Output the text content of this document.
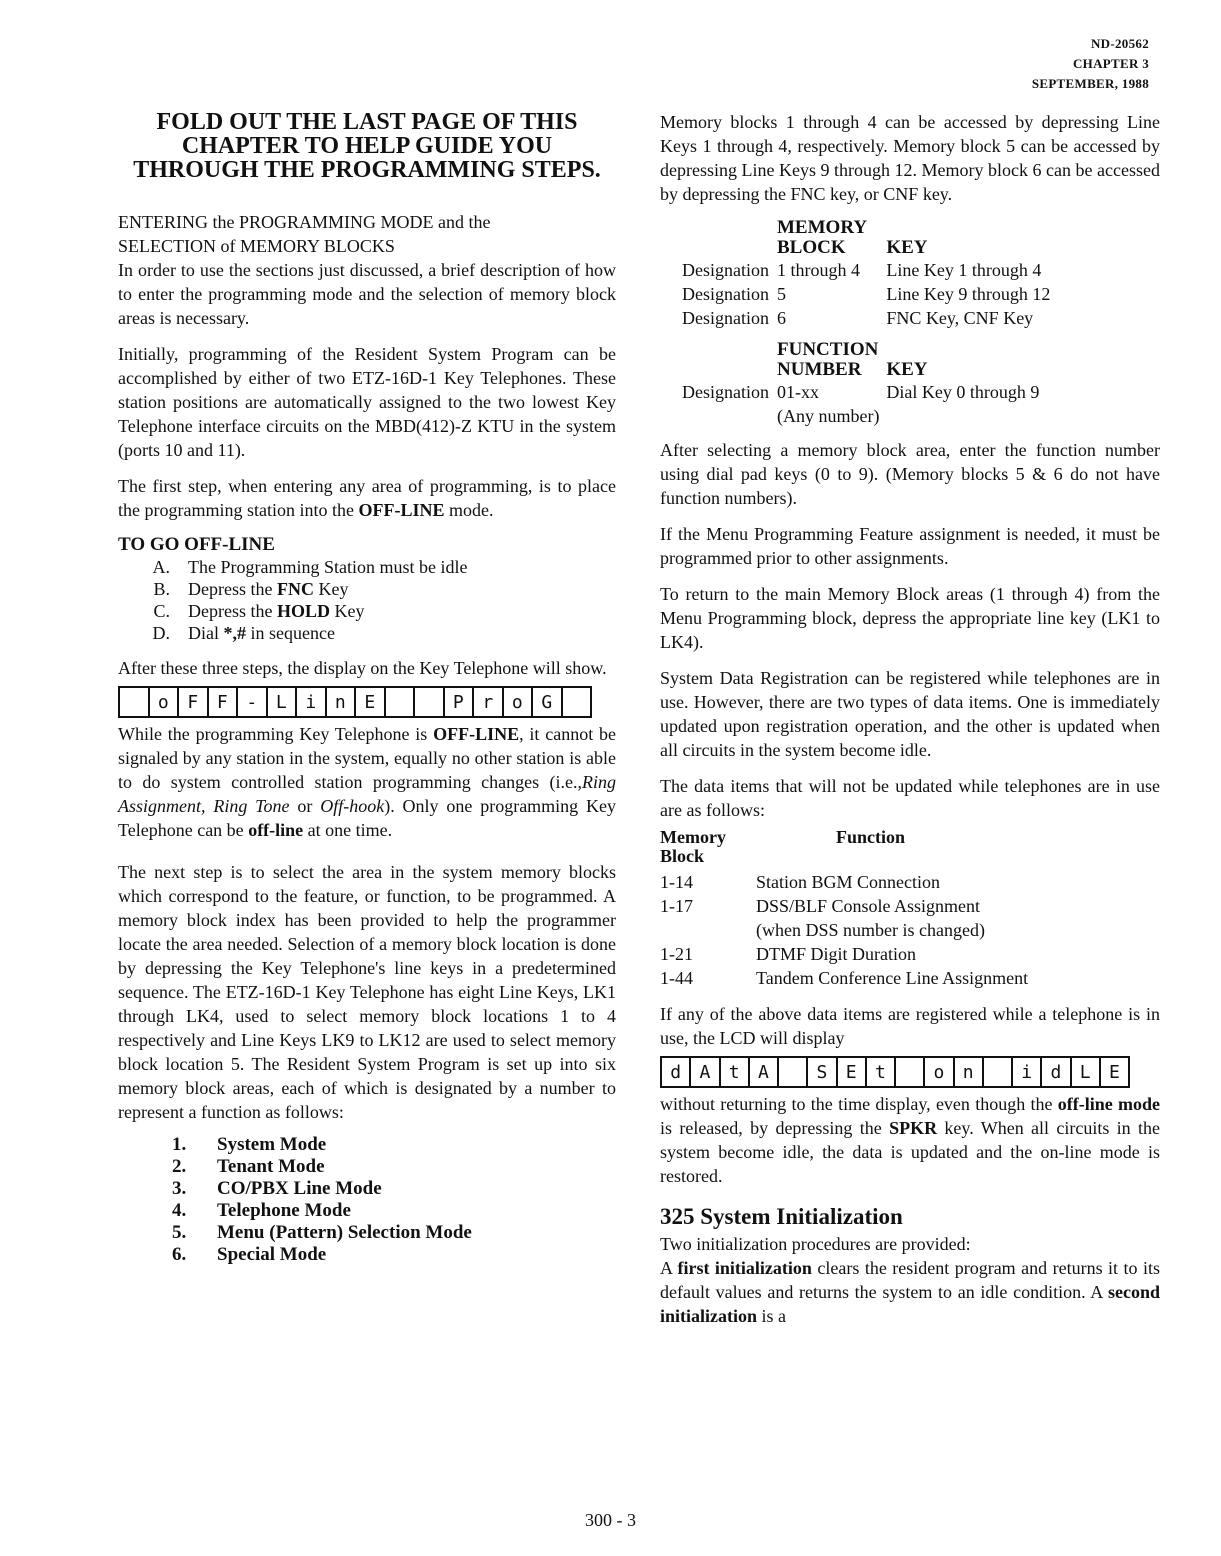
ND-20562
CHAPTER 3
SEPTEMBER, 1988
FOLD OUT THE LAST PAGE OF THIS CHAPTER TO HELP GUIDE YOU THROUGH THE PROGRAMMING STEPS.
ENTERING the PROGRAMMING MODE and the
SELECTION of MEMORY BLOCKS

In order to use the sections just discussed, a brief description of how to enter the programming mode and the selection of memory block areas is necessary.

Initially, programming of the Resident System Program can be accomplished by either of two ETZ-16D-1 Key Telephones. These station positions are automatically assigned to the two lowest Key Telephone interface circuits on the MBD(412)-Z KTU in the system (ports 10 and 11).

The first step, when entering any area of programming, is to place the programming station into the OFF-LINE mode.

TO GO OFF-LINE
A.	The Programming Station must be idle
B.	Depress the FNC Key
C.	Depress the HOLD Key
D.	Dial *,# in sequence

After these three steps, the display on the Key Telephone will show.

o	F	F	-	L	i	n	E	P	r	o	G

While the programming Key Telephone is OFF-LINE, it cannot be signaled by any station in the system, equally no other station is able to do system controlled station programming changes (i.e.,Ring Assignment, Ring Tone or Off-hook). Only one programming Key Telephone can be off-line at one time.

The next step is to select the area in the system memory blocks which correspond to the feature, or function, to be programmed. A memory block index has been provided to help the programmer locate the area needed. Selection of a memory block location is done by depressing the Key Telephone's line keys in a predetermined sequence. The ETZ-16D-1 Key Telephone has eight Line Keys, LK1 through LK4, used to select memory block locations 1 to 4 respectively and Line Keys LK9 to LK12 are used to select memory block location 5. The Resident System Program is set up into six memory block areas, each of which is designated by a number to represent a function as follows:

1.	System Mode
2.	Tenant Mode
3.	CO/PBX Line Mode
4.	Telephone Mode
5.	Menu (Pattern) Selection Mode
6.	Special Mode

Memory blocks 1 through 4 can be accessed by depressing Line Keys 1 through 4, respectively. Memory block 5 can be accessed by depressing Line Keys 9 through 12. Memory block 6 can be accessed by depressing the FNC key, or CNF key.

	MEMORY	
	BLOCK	KEY
Designation	1 through 4	Line Key 1 through 4
Designation	5	Line Key 9 through 12
Designation	6	FNC Key, CNF Key

	FUNCTION	
	NUMBER	KEY
Designation	01-xx	Dial Key 0 through 9
	(Any number)	

After selecting a memory block area, enter the function number using dial pad keys (0 to 9). (Memory blocks 5 & 6 do not have function numbers).

If the Menu Programming Feature assignment is needed, it must be programmed prior to other assignments.

To return to the main Memory Block areas (1 through 4) from the Menu Programming block, depress the appropriate line key (LK1 to LK4).

System Data Registration can be registered while telephones are in use. However, there are two types of data items. One is immediately updated upon registration operation, and the other is updated when all circuits in the system become idle.

The data items that will not be updated while telephones are in use are as follows:

Memory	Function
Block
1-14	Station BGM Connection
1-17	DSS/BLF Console Assignment
(when DSS number is changed)
1-21	DTMF Digit Duration
1-44	Tandem Conference Line Assignment

If any of the above data items are registered while a telephone is in use, the LCD will display

d	A	t	A	S	E	t	o	n	i	d	L	E

without returning to the time display, even though the off-line mode is released, by depressing the SPKR key. When all circuits in the system become idle, the data is updated and the on-line mode is restored.

325 System Initialization

Two initialization procedures are provided:

A first initialization clears the resident program and returns it to its default values and returns the system to an idle condition. A second initialization is a

300 - 3
